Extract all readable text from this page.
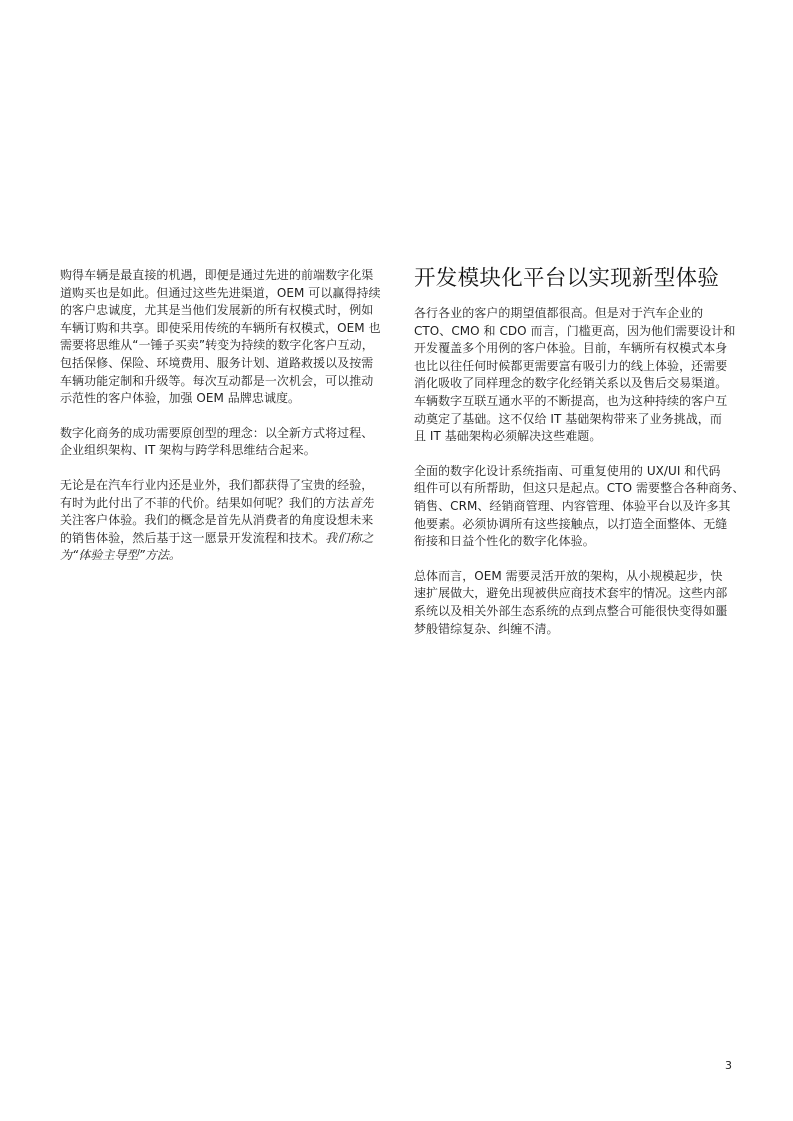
购得车辆是最直接的机遇，即便是通过先进的前端数字化渠
道购买也是如此。但通过这些先进渠道，OEM 可以赢得持续
的客户忠诚度，尤其是当他们发展新的所有权模式时，例如
车辆订购和共享。即使采用传统的车辆所有权模式，OEM 也
需要将思维从“一锤子买卖”转变为持续的数字化客户互动，
包括保修、保险、环境费用、服务计划、道路救援以及按需
车辆功能定制和升级等。每次互动都是一次机会，可以推动
示范性的客户体验，加强 OEM 品牌忠诚度。

数字化商务的成功需要原创型的理念：以全新方式将过程、
企业组织架构、IT 架构与跨学科思维结合起来。

无论是在汽车行业内还是业外，我们都获得了宝贵的经验，
有时为此付出了不菲的代价。结果如何呢？我们的方法首先
关注客户体验。我们的概念是首先从消费者的角度设想未来
的销售体验，然后基于这一愿景开发流程和技术。我们称之
为“体验主导型”方法。

开发模块化平台以实现新型体验

各行各业的客户的期望值都很高。但是对于汽车企业的
CTO、CMO 和 CDO 而言，门槛更高，因为他们需要设计和
开发覆盖多个用例的客户体验。目前，车辆所有权模式本身
也比以往任何时候都更需要富有吸引力的线上体验，还需要
消化吸收了同样理念的数字化经销关系以及售后交易渠道。
车辆数字互联互通水平的不断提高，也为这种持续的客户互
动奠定了基础。这不仅给 IT 基础架构带来了业务挑战，而
且 IT 基础架构必须解决这些难题。

全面的数字化设计系统指南、可重复使用的 UX/UI 和代码
组件可以有所帮助，但这只是起点。CTO 需要整合各种商务、
销售、CRM、经销商管理、内容管理、体验平台以及许多其
他要素。必须协调所有这些接触点，以打造全面整体、无缝
衔接和日益个性化的数字化体验。

总体而言，OEM 需要灵活开放的架构，从小规模起步，快
速扩展做大，避免出现被供应商技术套牢的情况。这些内部
系统以及相关外部生态系统的点到点整合可能很快变得如噩
梦般错综复杂、纠缠不清。

3
